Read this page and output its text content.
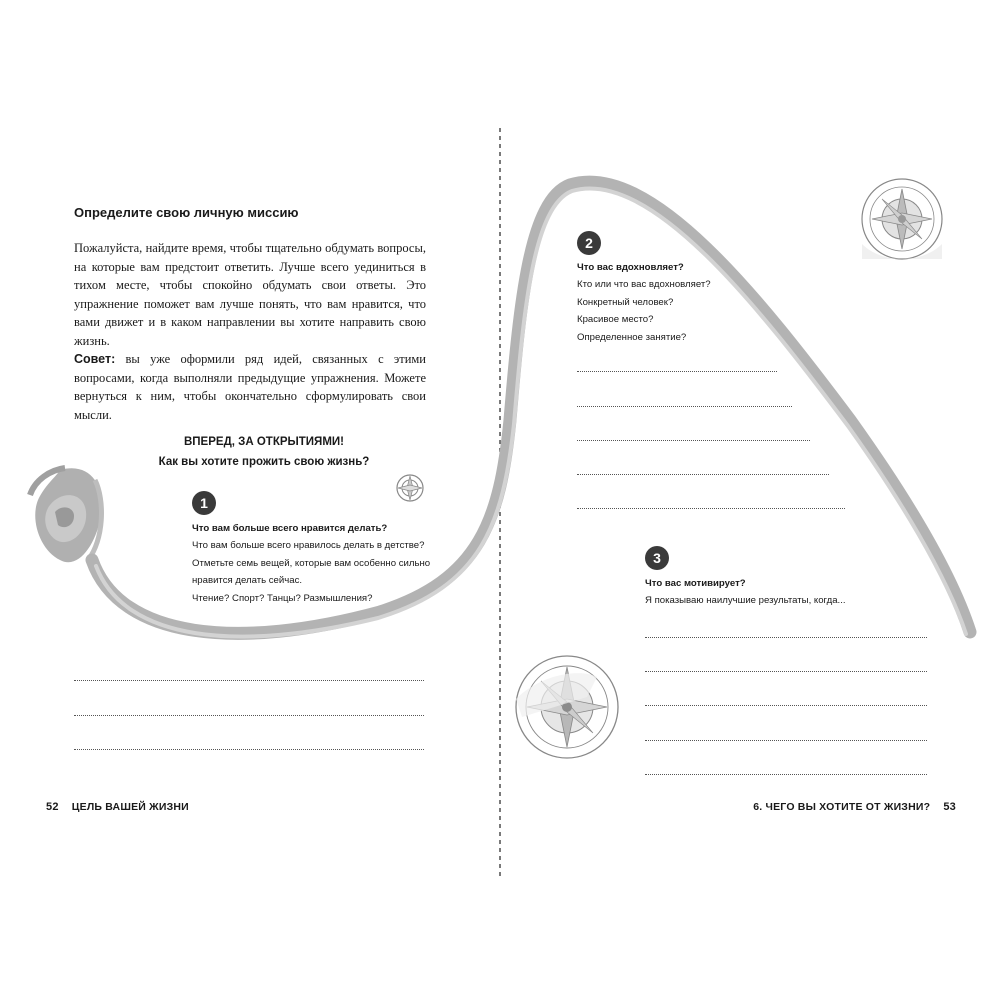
Определите свою личную миссию
Пожалуйста, найдите время, чтобы тщательно обдумать вопросы, на которые вам предстоит ответить. Лучше всего уединиться в тихом месте, чтобы спокойно обдумать свои ответы. Это упражнение поможет вам лучше понять, что вам нравится, что вами движет и в каком направлении вы хотите направить свою жизнь.
Совет: вы уже оформили ряд идей, связанных с этими вопросами, когда выполняли предыдущие упражнения. Можете вернуться к ним, чтобы окончательно сформулировать свои мысли.
ВПЕРЕД, ЗА ОТКРЫТИЯМИ!
Как вы хотите прожить свою жизнь?
1
Что вам больше всего нравится делать?
Что вам больше всего нравилось делать в детстве?
Отметьте семь вещей, которые вам особенно сильно
нравится делать сейчас.
Чтение? Спорт? Танцы? Размышления?
52 ЦЕЛЬ ВАШЕЙ ЖИЗНИ
2
Что вас вдохновляет?
Кто или что вас вдохновляет?
Конкретный человек?
Красивое место?
Определенное занятие?
3
Что вас мотивирует?
Я показываю наилучшие результаты, когда...
6. ЧЕГО ВЫ ХОТИТЕ ОТ ЖИЗНИ? 53
